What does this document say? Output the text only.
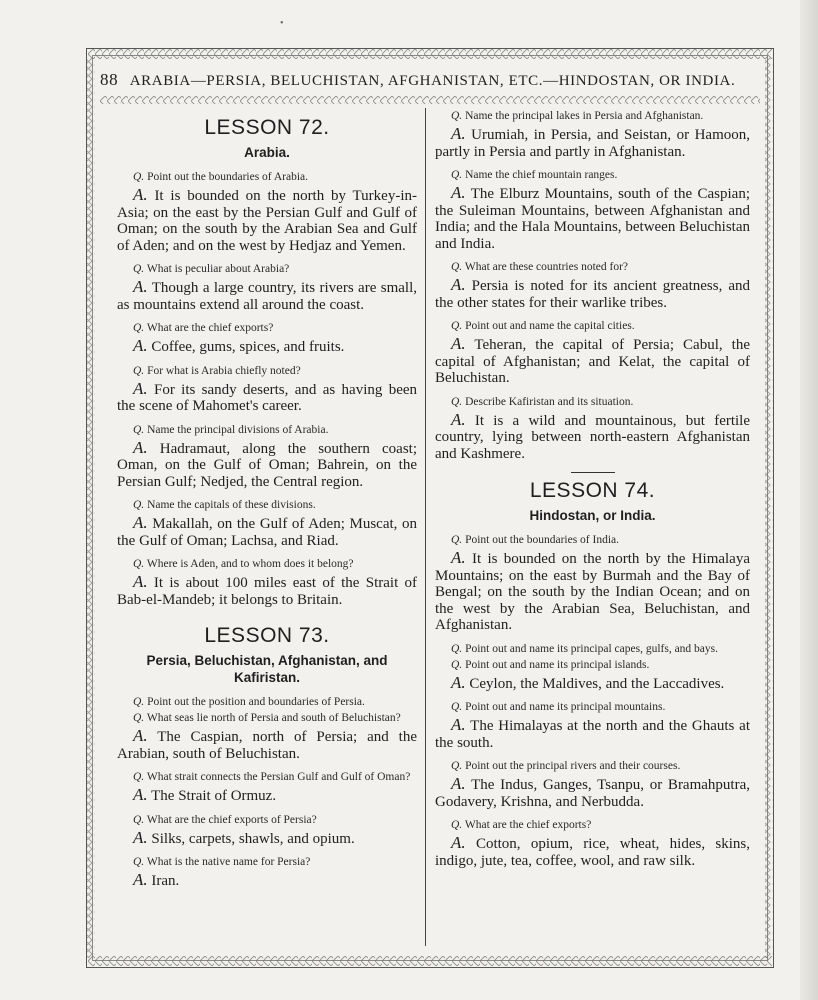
•
88 ARABIA—PERSIA, BELUCHISTAN, AFGHANISTAN, ETC.—HINDOSTAN, OR INDIA.
LESSON 72.
Arabia.

Q. Point out the boundaries of Arabia.

A. It is bounded on the north by Turkey-in-Asia; on the east by the Persian Gulf and Gulf of Oman; on the south by the Arabian Sea and Gulf of Aden; and on the west by Hedjaz and Yemen.

Q. What is peculiar about Arabia?

A. Though a large country, its rivers are small, as mountains extend all around the coast.

Q. What are the chief exports?

A. Coffee, gums, spices, and fruits.

Q. For what is Arabia chiefly noted?

A. For its sandy deserts, and as having been the scene of Mahomet's career.

Q. Name the principal divisions of Arabia.

A. Hadramaut, along the southern coast; Oman, on the Gulf of Oman; Bahrein, on the Persian Gulf; Nedjed, the Central region.

Q. Name the capitals of these divisions.

A. Makallah, on the Gulf of Aden; Muscat, on the Gulf of Oman; Lachsa, and Riad.

Q. Where is Aden, and to whom does it belong?

A. It is about 100 miles east of the Strait of Bab-el-Mandeb; it belongs to Britain.

LESSON 73.
Persia, Beluchistan, Afghanistan, and Kafiristan.

Q. Point out the position and boundaries of Persia.

Q. What seas lie north of Persia and south of Beluchistan?

A. The Caspian, north of Persia; and the Arabian, south of Beluchistan.

Q. What strait connects the Persian Gulf and Gulf of Oman?

A. The Strait of Ormuz.

Q. What are the chief exports of Persia?

A. Silks, carpets, shawls, and opium.

Q. What is the native name for Persia?

A. Iran.

Q. Name the principal lakes in Persia and Afghanistan.

A. Urumiah, in Persia, and Seistan, or Hamoon, partly in Persia and partly in Afghanistan.

Q. Name the chief mountain ranges.

A. The Elburz Mountains, south of the Caspian; the Suleiman Mountains, between Afghanistan and India; and the Hala Mountains, between Beluchistan and India.

Q. What are these countries noted for?

A. Persia is noted for its ancient greatness, and the other states for their warlike tribes.

Q. Point out and name the capital cities.

A. Teheran, the capital of Persia; Cabul, the capital of Afghanistan; and Kelat, the capital of Beluchistan.

Q. Describe Kafiristan and its situation.

A. It is a wild and mountainous, but fertile country, lying between north-eastern Afghanistan and Kashmere.

LESSON 74.
Hindostan, or India.

Q. Point out the boundaries of India.

A. It is bounded on the north by the Himalaya Mountains; on the east by Burmah and the Bay of Bengal; on the south by the Indian Ocean; and on the west by the Arabian Sea, Beluchistan, and Afghanistan.

Q. Point out and name its principal capes, gulfs, and bays.

Q. Point out and name its principal islands.

A. Ceylon, the Maldives, and the Laccadives.

Q. Point out and name its principal mountains.

A. The Himalayas at the north and the Ghauts at the south.

Q. Point out the principal rivers and their courses.

A. The Indus, Ganges, Tsanpu, or Bramahputra, Godavery, Krishna, and Nerbudda.

Q. What are the chief exports?

A. Cotton, opium, rice, wheat, hides, skins, indigo, jute, tea, coffee, wool, and raw silk.
